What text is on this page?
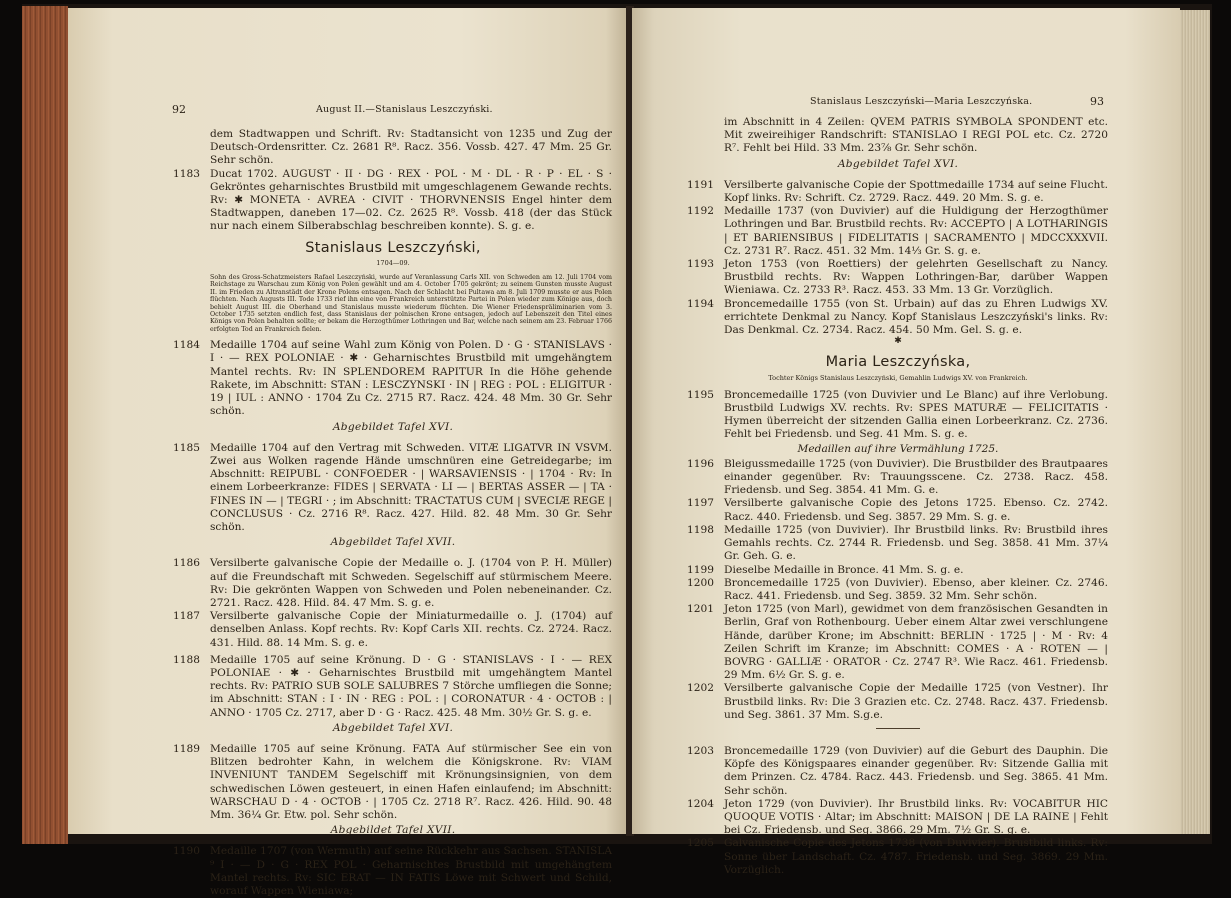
92	August II.—Stanislaus Leszczyński.
dem Stadtwappen und Schrift. Rv: Stadtansicht von 1235 und Zug der Deutsch-Ordensritter. Cz. 2681 R⁸. Racz. 356. Vossb. 427. 47 Mm. 25 Gr. Sehr schön.
1183 Ducat 1702. AUGUST · II · DG · REX · POL · M · DL · R · P · EL · S · Gekröntes geharnischtes Brustbild mit umgeschlagenem Gewande rechts. Rv: ✱ MONETA · AVREA · CIVIT · THORVNENSIS Engel hinter dem Stadtwappen, daneben 17—02. Cz. 2625 R⁸. Vossb. 418 (der das Stück nur nach einem Silberabschlag beschreiben konnte). S. g. e.
Stanislaus Leszczyński,
1704—09.
Sohn des Gross-Schatzmeisters Rafael Leszczyński, wurde auf Veranlassung Carls XII. von Schweden am 12. Juli 1704 vom Reichstage zu Warschau zum König von Polen gewählt und am 4. October 1705 gekrönt; zu seinem Gunsten musste August II. im Frieden zu Altranstädt der Krone Polens entsagen. Nach der Schlacht bei Pultawa am 8. Juli 1709 musste er aus Polen flüchten. Nach Augusts III. Tode 1733 rief ihn eine von Frankreich unterstützte Partei in Polen wieder zum Könige aus, doch behielt August III. die Oberhand und Stanislaus musste wiederum flüchten. Die Wiener Friedenspräliminarien vom 3. October 1735 setzten endlich fest, dass Stanislaus der polnischen Krone entsagen, jedoch auf Lebenszeit den Titel eines Königs von Polen behalten sollte; er bekam die Herzogthümer Lothringen und Bar, welche nach seinem am 23. Februar 1766 erfolgten Tod an Frankreich fielen.
1184 Medaille 1704 auf seine Wahl zum König von Polen. D · G · STANISLAVS · I · — REX POLONIAE · ✱ · Geharnischtes Brustbild mit umgehängtem Mantel rechts. Rv: IN SPLENDOREM RAPITUR In die Höhe gehende Rakete, im Abschnitt: STAN : LESCZYNSKI · IN | REG : POL : ELIGITUR · 19 | IUL : ANNO · 1704 Zu Cz. 2715 R7. Racz. 424. 48 Mm. 30 Gr. Sehr schön.
Abgebildet Tafel XVI.
1185 Medaille 1704 auf den Vertrag mit Schweden. VITÆ LIGATVR IN VSVM. Zwei aus Wolken ragende Hände umschnüren eine Getreidegarbe; im Abschnitt: REIPUBL · CONFOEDER · | WARSAVIENSIS · | 1704 · Rv: In einem Lorbeerkranze: FIDES | SERVATA · LI — | BERTAS ASSER — | TA · FINES IN — | TEGRI · ; im Abschnitt: TRACTATUS CUM | SVECIÆ REGE | CONCLUSUS · Cz. 2716 R⁸. Racz. 427. Hild. 82. 48 Mm. 30 Gr. Sehr schön.
Abgebildet Tafel XVII.
1186 Versilberte galvanische Copie der Medaille o. J. (1704 von P. H. Müller) auf die Freundschaft mit Schweden. Segelschiff auf stürmischem Meere. Rv: Die gekrönten Wappen von Schweden und Polen nebeneinander. Cz. 2721. Racz. 428. Hild. 84. 47 Mm. S. g. e.
1187 Versilberte galvanische Copie der Miniaturmedaille o. J. (1704) auf denselben Anlass. Kopf rechts. Rv: Kopf Carls XII. rechts. Cz. 2724. Racz. 431. Hild. 88. 14 Mm. S. g. e.
1188 Medaille 1705 auf seine Krönung. D · G · STANISLAVS · I · — REX POLONIAE · ✱ · Geharnischtes Brustbild mit umgehängtem Mantel rechts. Rv: PATRIO SUB SOLE SALUBRES 7 Störche umfliegen die Sonne; im Abschnitt: STAN : I · IN · REG : POL : | CORONATUR · 4 · OCTOB : | ANNO · 1705 Cz. 2717, aber D · G · Racz. 425. 48 Mm. 30½ Gr. S. g. e.
Abgebildet Tafel XVI.
1189 Medaille 1705 auf seine Krönung. FATA Auf stürmischer See ein von Blitzen bedrohter Kahn, in welchem die Königskrone. Rv: VIAM INVENIUNT TANDEM Segelschiff mit Krönungsinsignien, von dem schwedischen Löwen gesteuert, in einen Hafen einlaufend; im Abschnitt: WARSCHAU D · 4 · OCTOB · | 1705 Cz. 2718 R⁷. Racz. 426. Hild. 90. 48 Mm. 36¼ Gr. Etw. pol. Sehr schön.
Abgebildet Tafel XVII.
1190 Medaille 1707 (von Wermuth) auf seine Rückkehr aus Sachsen. STANISLA ⁹ I · — D · G · REX POL · Geharnischtes Brustbild mit umgehängtem Mantel rechts. Rv: SIC ERAT — IN FATIS Löwe mit Schwert und Schild, worauf Wappen Wieniawa;
Stanislaus Leszczyński—Maria Leszczyńska.	93
im Abschnitt in 4 Zeilen: QVEM PATRIS SYMBOLA SPONDENT etc. Mit zweireihiger Randschrift: STANISLAO I REGI POL etc. Cz. 2720 R⁷. Fehlt bei Hild. 33 Mm. 23⅞ Gr. Sehr schön.
Abgebildet Tafel XVI.
1191 Versilberte galvanische Copie der Spottmedaille 1734 auf seine Flucht. Kopf links. Rv: Schrift. Cz. 2729. Racz. 449. 20 Mm. S. g. e.
1192 Medaille 1737 (von Duvivier) auf die Huldigung der Herzogthümer Lothringen und Bar. Brustbild rechts. Rv: ACCEPTO | A LOTHARINGIS | ET BARIENSIBUS | FIDELITATIS | SACRAMENTO | MDCCXXXVII. Cz. 2731 R⁷. Racz. 451. 32 Mm. 14⅓ Gr. S. g. e.
1193 Jeton 1753 (von Roettiers) der gelehrten Gesellschaft zu Nancy. Brustbild rechts. Rv: Wappen Lothringen-Bar, darüber Wappen Wieniawa. Cz. 2733 R³. Racz. 453. 33 Mm. 13 Gr. Vorzüglich.
1194 Broncemedaille 1755 (von St. Urbain) auf das zu Ehren Ludwigs XV. errichtete Denkmal zu Nancy. Kopf Stanislaus Leszczyński's links. Rv: Das Denkmal. Cz. 2734. Racz. 454. 50 Mm. Gel. S. g. e.
✱
Maria Leszczyńska,
Tochter Königs Stanislaus Leszczyński, Gemahlin Ludwigs XV. von Frankreich.
1195 Broncemedaille 1725 (von Duvivier und Le Blanc) auf ihre Verlobung. Brustbild Ludwigs XV. rechts. Rv: SPES MATURÆ — FELICITATIS · Hymen überreicht der sitzenden Gallia einen Lorbeerkranz. Cz. 2736. Fehlt bei Friedensb. und Seg. 41 Mm. S. g. e.
Medaillen auf ihre Vermählung 1725.
1196 Bleigussmedaille 1725 (von Duvivier). Die Brustbilder des Brautpaares einander gegenüber. Rv: Trauungsscene. Cz. 2738. Racz. 458. Friedensb. und Seg. 3854. 41 Mm. G. e.
1197 Versilberte galvanische Copie des Jetons 1725. Ebenso. Cz. 2742. Racz. 440. Friedensb. und Seg. 3857. 29 Mm. S. g. e.
1198 Medaille 1725 (von Duvivier). Ihr Brustbild links. Rv: Brustbild ihres Gemahls rechts. Cz. 2744 R. Friedensb. und Seg. 3858. 41 Mm. 37¼ Gr. Geh. G. e.
1199 Dieselbe Medaille in Bronce. 41 Mm. S. g. e.
1200 Broncemedaille 1725 (von Duvivier). Ebenso, aber kleiner. Cz. 2746. Racz. 441. Friedensb. und Seg. 3859. 32 Mm. Sehr schön.
1201 Jeton 1725 (von Marl), gewidmet von dem französischen Gesandten in Berlin, Graf von Rothenbourg. Ueber einem Altar zwei verschlungene Hände, darüber Krone; im Abschnitt: BERLIN · 1725 | · M · Rv: 4 Zeilen Schrift im Kranze; im Abschnitt: COMES · A · ROTEN — | BOVRG · GALLIÆ · ORATOR · Cz. 2747 R³. Wie Racz. 461. Friedensb. 29 Mm. 6½ Gr. S. g. e.
1202 Versilberte galvanische Copie der Medaille 1725 (von Vestner). Ihr Brustbild links. Rv: Die 3 Grazien etc. Cz. 2748. Racz. 437. Friedensb. und Seg. 3861. 37 Mm. S.g.e.
1203 Broncemedaille 1729 (von Duvivier) auf die Geburt des Dauphin. Die Köpfe des Königspaares einander gegenüber. Rv: Sitzende Gallia mit dem Prinzen. Cz. 4784. Racz. 443. Friedensb. und Seg. 3865. 41 Mm. Sehr schön.
1204 Jeton 1729 (von Duvivier). Ihr Brustbild links. Rv: VOCABITUR HIC QUOQUE VOTIS · Altar; im Abschnitt: MAISON | DE LA RAINE | Fehlt bei Cz. Friedensb. und Seg. 3866. 29 Mm. 7½ Gr. S. g. e.
1205 Galvanische Copie des Jetons 1738 (von Duvivier). Brustbild links. Rv: Sonne über Landschaft. Cz. 4787. Friedensb. und Seg. 3869. 29 Mm. Vorzüglich.
